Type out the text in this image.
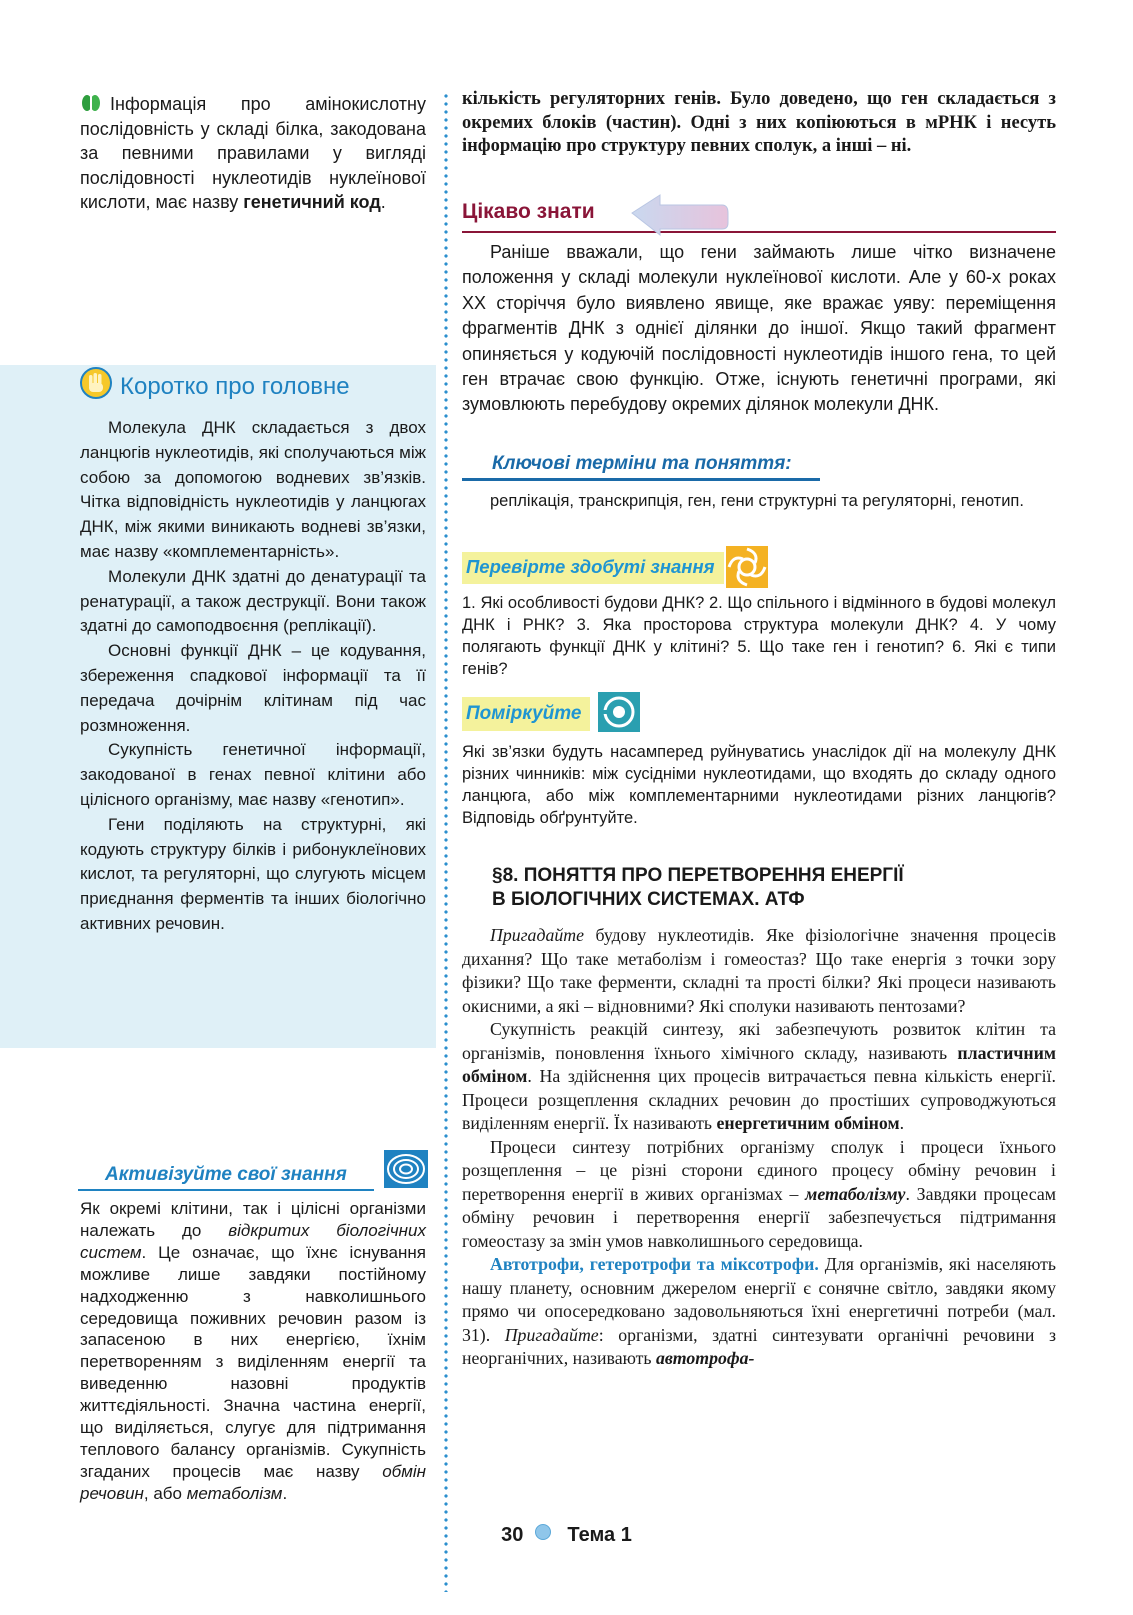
Інформація про амінокислотну послідовність у складі білка, закодована за певними правилами у вигляді послідовності нуклеотидів нуклеїнової кислоти, має назву генетичний код.
Коротко про головне

Молекула ДНК складається з двох ланцюгів нуклеотидів, які сполучаються між собою за допомогою водневих зв’язків. Чітка відповідність нуклеотидів у ланцюгах ДНК, між якими виникають водневі зв’язки, має назву «комплементарність».

Молекули ДНК здатні до денатурації та ренатурації, а також деструкції. Вони також здатні до самоподвоєння (реплікації).

Основні функції ДНК – це кодування, збереження спадкової інформації та її передача дочірнім клітинам під час розмноження.

Сукупність генетичної інформації, закодованої в генах певної клітини або цілісного організму, має назву «генотип».

Гени поділяють на структурні, які кодують структуру білків і рибонуклеїнових кислот, та регуляторні, що слугують місцем приєднання ферментів та інших біологічно активних речовин.

Активізуйте свої знання
Як окремі клітини, так і цілісні організми належать до відкритих біологічних систем. Це означає, що їхнє існування можливе лише завдяки постійному надходженню з навколишнього середовища поживних речовин разом із запасеною в них енергією, їхнім перетворенням з виділенням енергії та виведенню назовні продуктів життєдіяльності. Значна частина енергії, що виділяється, слугує для підтримання теплового балансу організмів. Сукупність згаданих процесів має назву обмін речовин, або метаболізм.
кількість регуляторних генів. Було доведено, що ген складається з окремих блоків (частин). Одні з них копіюються в мРНК і несуть інформацію про структуру певних сполук, а інші – ні.
Цікаво знати

Раніше вважали, що гени займають лише чітко визначене положення у складі молекули нуклеїнової кислоти. Але у 60-х роках XX сторіччя було виявлено явище, яке вражає уяву: переміщення фрагментів ДНК з однієї ділянки до іншої. Якщо такий фрагмент опиняється у кодуючій послідовності нуклеотидів іншого гена, то цей ген втрачає свою функцію. Отже, існують генетичні програми, які зумовлюють перебудову окремих ділянок молекули ДНК.

Ключові терміни та поняття:

реплікація, транскрипція, ген, гени структурні та регуляторні, генотип.

Перевірте здобуті знання
1. Які особливості будови ДНК? 2. Що спільного і відмінного в будові молекул ДНК і РНК? 3. Яка просторова структура молекули ДНК? 4. У чому полягають функції ДНК у клітині? 5. Що таке ген і генотип? 6. Які є типи генів?
Поміркуйте
Які зв’язки будуть насамперед руйнуватись унаслідок дії на молекулу ДНК різних чинників: між сусідніми нуклеотидами, що входять до складу одного ланцюга, або між комплементарними нуклеотидами різних ланцюгів? Відповідь обґрунтуйте.
§8. ПОНЯТТЯ ПРО ПЕРЕТВОРЕННЯ ЕНЕРГІЇ
В БІОЛОГІЧНИХ СИСТЕМАХ. АТФ

Пригадайте будову нуклеотидів. Яке фізіологічне значення процесів дихання? Що таке метаболізм і гомеостаз? Що таке енергія з точки зору фізики? Що таке ферменти, складні та прості білки? Які процеси називають окисними, а які – відновними? Які сполуки називають пентозами?

Сукупність реакцій синтезу, які забезпечують розвиток клітин та організмів, поновлення їхнього хімічного складу, називають пластичним обміном. На здійснення цих процесів витрачається певна кількість енергії. Процеси розщеплення складних речовин до простіших супроводжуються виділенням енергії. Їх називають енергетичним обміном.

Процеси синтезу потрібних організму сполук і процеси їхнього розщеплення – це різні сторони єдиного процесу обміну речовин і перетворення енергії в живих організмах – метаболізму. Завдяки процесам обміну речовин і перетворення енергії забезпечується підтримання гомеостазу за змін умов навколишнього середовища.

Автотрофи, гетеротрофи та міксотрофи. Для організмів, які населяють нашу планету, основним джерелом енергії є сонячне світло, завдяки якому прямо чи опосередковано задовольняються їхні енергетичні потреби (мал. 31). Пригадайте: організми, здатні синтезувати органічні речовини з неорганічних, називають автотрофа-

30 Тема 1
